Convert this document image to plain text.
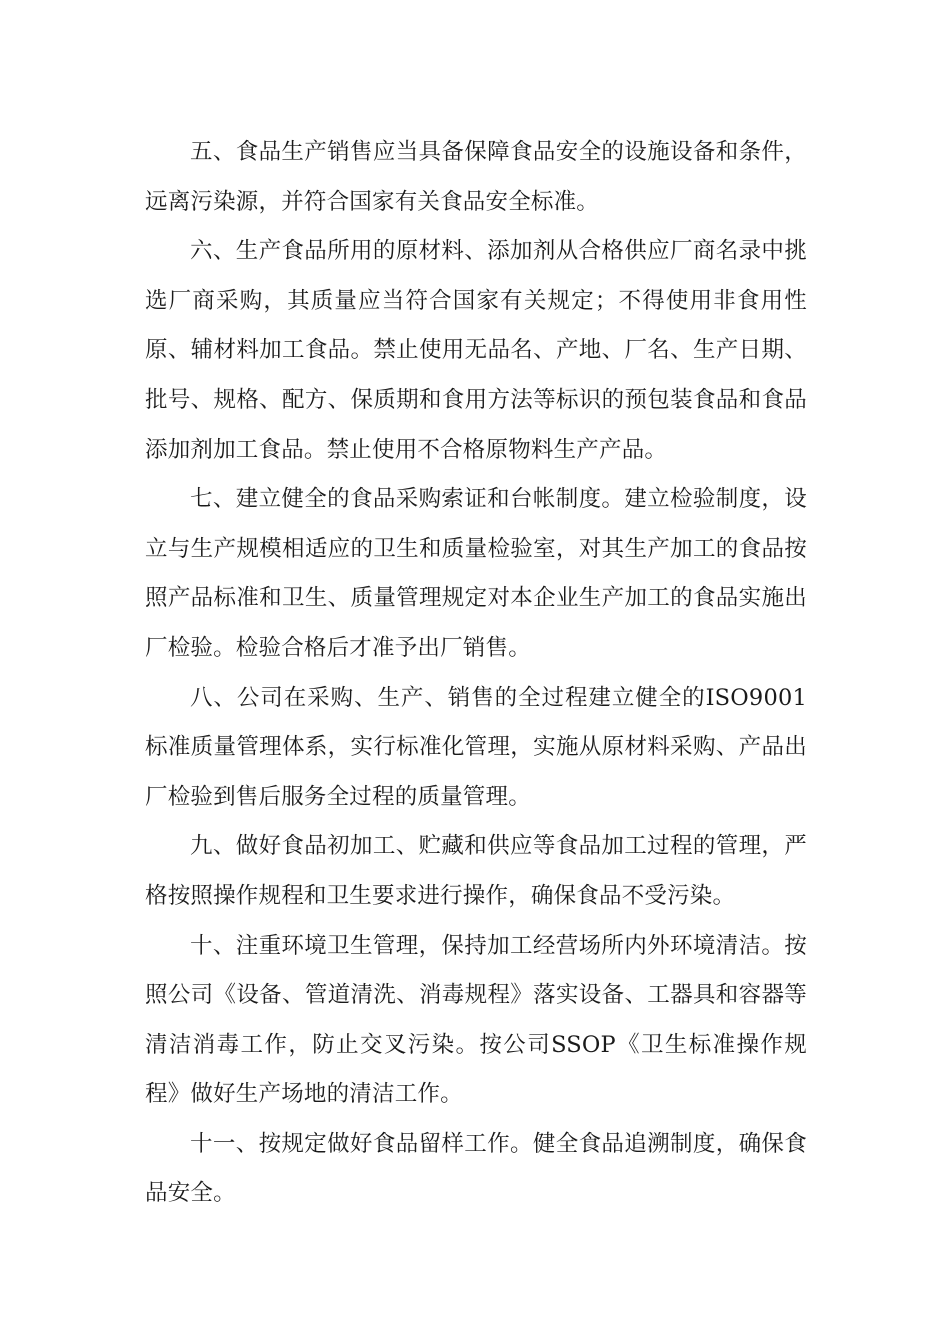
五、食品生产销售应当具备保障食品安全的设施设备和条件，远离污染源，并符合国家有关食品安全标准。

六、生产食品所用的原材料、添加剂从合格供应厂商名录中挑选厂商采购，其质量应当符合国家有关规定；不得使用非食用性原、辅材料加工食品。禁止使用无品名、产地、厂名、生产日期、批号、规格、配方、保质期和食用方法等标识的预包装食品和食品添加剂加工食品。禁止使用不合格原物料生产产品。

七、建立健全的食品采购索证和台帐制度。建立检验制度，设立与生产规模相适应的卫生和质量检验室，对其生产加工的食品按照产品标准和卫生、质量管理规定对本企业生产加工的食品实施出厂检验。检验合格后才准予出厂销售。

八、公司在采购、生产、销售的全过程建立健全的ISO9001标准质量管理体系，实行标准化管理，实施从原材料采购、产品出厂检验到售后服务全过程的质量管理。

九、做好食品初加工、贮藏和供应等食品加工过程的管理，严格按照操作规程和卫生要求进行操作，确保食品不受污染。

十、注重环境卫生管理，保持加工经营场所内外环境清洁。按照公司《设备、管道清洗、消毒规程》落实设备、工器具和容器等清洁消毒工作，防止交叉污染。按公司SSOP《卫生标准操作规程》做好生产场地的清洁工作。

十一、按规定做好食品留样工作。健全食品追溯制度，确保食品安全。
